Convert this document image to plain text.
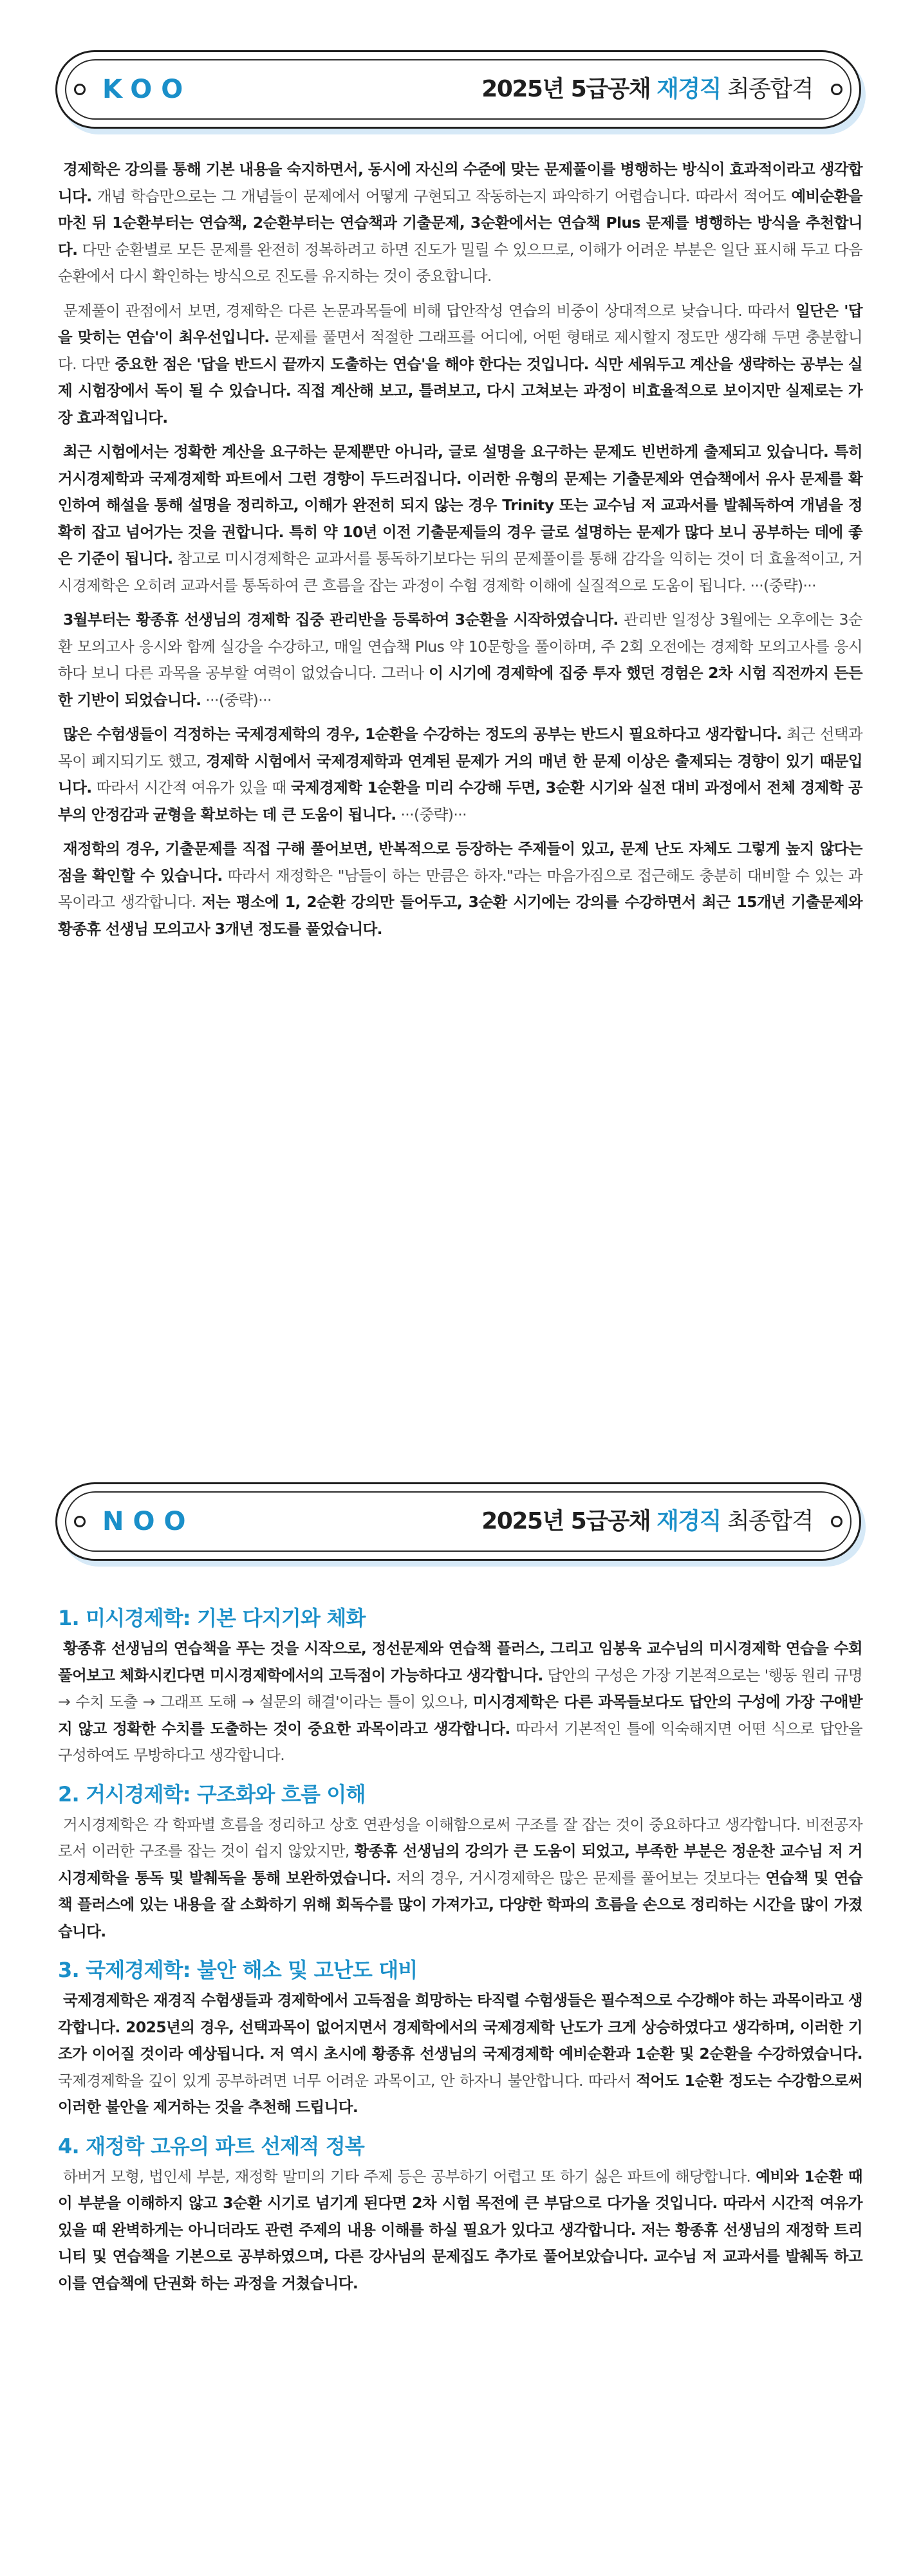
KOO	2025년 5급공채 재경직 최종합격

경제학은 강의를 통해 기본 내용을 숙지하면서, 동시에 자신의 수준에 맞는 문제풀이를 병행하는 방식이 효과적이라고 생각합니다. 개념 학습만으로는 그 개념들이 문제에서 어떻게 구현되고 작동하는지 파악하기 어렵습니다. 따라서 적어도 예비순환을 마친 뒤 1순환부터는 연습책, 2순환부터는 연습책과 기출문제, 3순환에서는 연습책 Plus 문제를 병행하는 방식을 추천합니다. 다만 순환별로 모든 문제를 완전히 정복하려고 하면 진도가 밀릴 수 있으므로, 이해가 어려운 부분은 일단 표시해 두고 다음 순환에서 다시 확인하는 방식으로 진도를 유지하는 것이 중요합니다.

문제풀이 관점에서 보면, 경제학은 다른 논문과목들에 비해 답안작성 연습의 비중이 상대적으로 낮습니다. 따라서 일단은 '답을 맞히는 연습'이 최우선입니다. 문제를 풀면서 적절한 그래프를 어디에, 어떤 형태로 제시할지 정도만 생각해 두면 충분합니다. 다만 중요한 점은 '답을 반드시 끝까지 도출하는 연습'을 해야 한다는 것입니다. 식만 세워두고 계산을 생략하는 공부는 실제 시험장에서 독이 될 수 있습니다. 직접 계산해 보고, 틀려보고, 다시 고쳐보는 과정이 비효율적으로 보이지만 실제로는 가장 효과적입니다.

최근 시험에서는 정확한 계산을 요구하는 문제뿐만 아니라, 글로 설명을 요구하는 문제도 빈번하게 출제되고 있습니다. 특히 거시경제학과 국제경제학 파트에서 그런 경향이 두드러집니다. 이러한 유형의 문제는 기출문제와 연습책에서 유사 문제를 확인하여 해설을 통해 설명을 정리하고, 이해가 완전히 되지 않는 경우 Trinity 또는 교수님 저 교과서를 발췌독하여 개념을 정확히 잡고 넘어가는 것을 권합니다. 특히 약 10년 이전 기출문제들의 경우 글로 설명하는 문제가 많다 보니 공부하는 데에 좋은 기준이 됩니다. 참고로 미시경제학은 교과서를 통독하기보다는 뒤의 문제풀이를 통해 감각을 익히는 것이 더 효율적이고, 거시경제학은 오히려 교과서를 통독하여 큰 흐름을 잡는 과정이 수험 경제학 이해에 실질적으로 도움이 됩니다. ···(중략)···

3월부터는 황종휴 선생님의 경제학 집중 관리반을 등록하여 3순환을 시작하였습니다. 관리반 일정상 3월에는 오후에는 3순환 모의고사 응시와 함께 실강을 수강하고, 매일 연습책 Plus 약 10문항을 풀이하며, 주 2회 오전에는 경제학 모의고사를 응시하다 보니 다른 과목을 공부할 여력이 없었습니다. 그러나 이 시기에 경제학에 집중 투자 했던 경험은 2차 시험 직전까지 든든한 기반이 되었습니다. ···(중략)···

많은 수험생들이 걱정하는 국제경제학의 경우, 1순환을 수강하는 정도의 공부는 반드시 필요하다고 생각합니다. 최근 선택과목이 폐지되기도 했고, 경제학 시험에서 국제경제학과 연계된 문제가 거의 매년 한 문제 이상은 출제되는 경향이 있기 때문입니다. 따라서 시간적 여유가 있을 때 국제경제학 1순환을 미리 수강해 두면, 3순환 시기와 실전 대비 과정에서 전체 경제학 공부의 안정감과 균형을 확보하는 데 큰 도움이 됩니다. ···(중략)···

재정학의 경우, 기출문제를 직접 구해 풀어보면, 반복적으로 등장하는 주제들이 있고, 문제 난도 자체도 그렇게 높지 않다는 점을 확인할 수 있습니다. 따라서 재정학은 "남들이 하는 만큼은 하자."라는 마음가짐으로 접근해도 충분히 대비할 수 있는 과목이라고 생각합니다. 저는 평소에 1, 2순환 강의만 들어두고, 3순환 시기에는 강의를 수강하면서 최근 15개년 기출문제와 황종휴 선생님 모의고사 3개년 정도를 풀었습니다.

NOO	2025년 5급공채 재경직 최종합격
1. 미시경제학: 기본 다지기와 체화

황종휴 선생님의 연습책을 푸는 것을 시작으로, 정선문제와 연습책 플러스, 그리고 임봉욱 교수님의 미시경제학 연습을 수회 풀어보고 체화시킨다면 미시경제학에서의 고득점이 가능하다고 생각합니다. 답안의 구성은 가장 기본적으로는 '행동 원리 규명 → 수치 도출 → 그래프 도해 → 설문의 해결'이라는 틀이 있으나, 미시경제학은 다른 과목들보다도 답안의 구성에 가장 구애받지 않고 정확한 수치를 도출하는 것이 중요한 과목이라고 생각합니다. 따라서 기본적인 틀에 익숙해지면 어떤 식으로 답안을 구성하여도 무방하다고 생각합니다.

2. 거시경제학: 구조화와 흐름 이해

거시경제학은 각 학파별 흐름을 정리하고 상호 연관성을 이해함으로써 구조를 잘 잡는 것이 중요하다고 생각합니다. 비전공자로서 이러한 구조를 잡는 것이 쉽지 않았지만, 황종휴 선생님의 강의가 큰 도움이 되었고, 부족한 부분은 정운찬 교수님 저 거시경제학을 통독 및 발췌독을 통해 보완하였습니다. 저의 경우, 거시경제학은 많은 문제를 풀어보는 것보다는 연습책 및 연습책 플러스에 있는 내용을 잘 소화하기 위해 회독수를 많이 가져가고, 다양한 학파의 흐름을 손으로 정리하는 시간을 많이 가졌습니다.

3. 국제경제학: 불안 해소 및 고난도 대비

국제경제학은 재경직 수험생들과 경제학에서 고득점을 희망하는 타직렬 수험생들은 필수적으로 수강해야 하는 과목이라고 생각합니다. 2025년의 경우, 선택과목이 없어지면서 경제학에서의 국제경제학 난도가 크게 상승하였다고 생각하며, 이러한 기조가 이어질 것이라 예상됩니다. 저 역시 초시에 황종휴 선생님의 국제경제학 예비순환과 1순환 및 2순환을 수강하였습니다. 국제경제학을 깊이 있게 공부하려면 너무 어려운 과목이고, 안 하자니 불안합니다. 따라서 적어도 1순환 정도는 수강함으로써 이러한 불안을 제거하는 것을 추천해 드립니다.

4. 재정학 고유의 파트 선제적 정복

하버거 모형, 법인세 부분, 재정학 말미의 기타 주제 등은 공부하기 어렵고 또 하기 싫은 파트에 해당합니다. 예비와 1순환 때 이 부분을 이해하지 않고 3순환 시기로 넘기게 된다면 2차 시험 목전에 큰 부담으로 다가올 것입니다. 따라서 시간적 여유가 있을 때 완벽하게는 아니더라도 관련 주제의 내용 이해를 하실 필요가 있다고 생각합니다. 저는 황종휴 선생님의 재정학 트리니티 및 연습책을 기본으로 공부하였으며, 다른 강사님의 문제집도 추가로 풀어보았습니다. 교수님 저 교과서를 발췌독 하고 이를 연습책에 단권화 하는 과정을 거쳤습니다.
